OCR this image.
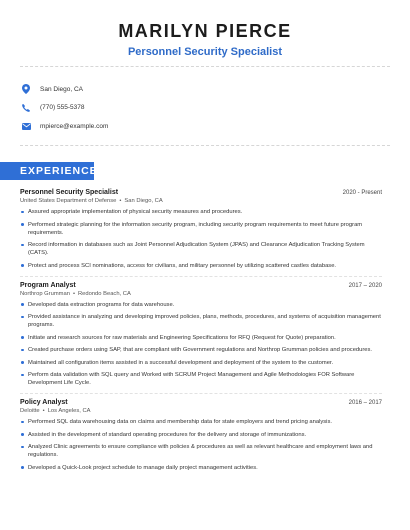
MARILYN PIERCE
Personnel Security Specialist
San Diego, CA
(770) 555-5378
mpierce@example.com
EXPERIENCE
Personnel Security Specialist	2020 - Present
United States Department of Defense • San Diego, CA
Assured appropriate implementation of physical security measures and procedures.
Performed strategic planning for the information security program, including security program requirements to meet future program requirements.
Record information in databases such as Joint Personnel Adjudication System (JPAS) and Clearance Adjudication Tracking System (CATS).
Protect and process SCI nominations, access for civilians, and military personnel by utilizing scattered castles database.
Program Analyst	2017 – 2020
Northrop Grumman • Redondo Beach, CA
Developed data extraction programs for data warehouse.
Provided assistance in analyzing and developing improved policies, plans, methods, procedures, and systems of acquisition management programs.
Initiate and research sources for raw materials and Engineering Specifications for RFQ (Request for Quote) preparation.
Created purchase orders using SAP, that are compliant with Government regulations and Northrop Grumman policies and procedures.
Maintained all configuration items assisted in a successful development and deployment of the system to the customer.
Perform data validation with SQL query and Worked with SCRUM Project Management and Agile Methodologies FOR Software Development Life Cycle.
Policy Analyst	2016 – 2017
Deloitte • Los Angeles, CA
Performed SQL data warehousing data on claims and membership data for state employers and trend pricing analysis.
Assisted in the development of standard operating procedures for the delivery and storage of immunizations.
Analyzed Clinic agreements to ensure compliance with policies & procedures as well as relevant healthcare and employment laws and regulations.
Developed a Quick-Look project schedule to manage daily project management activities.
